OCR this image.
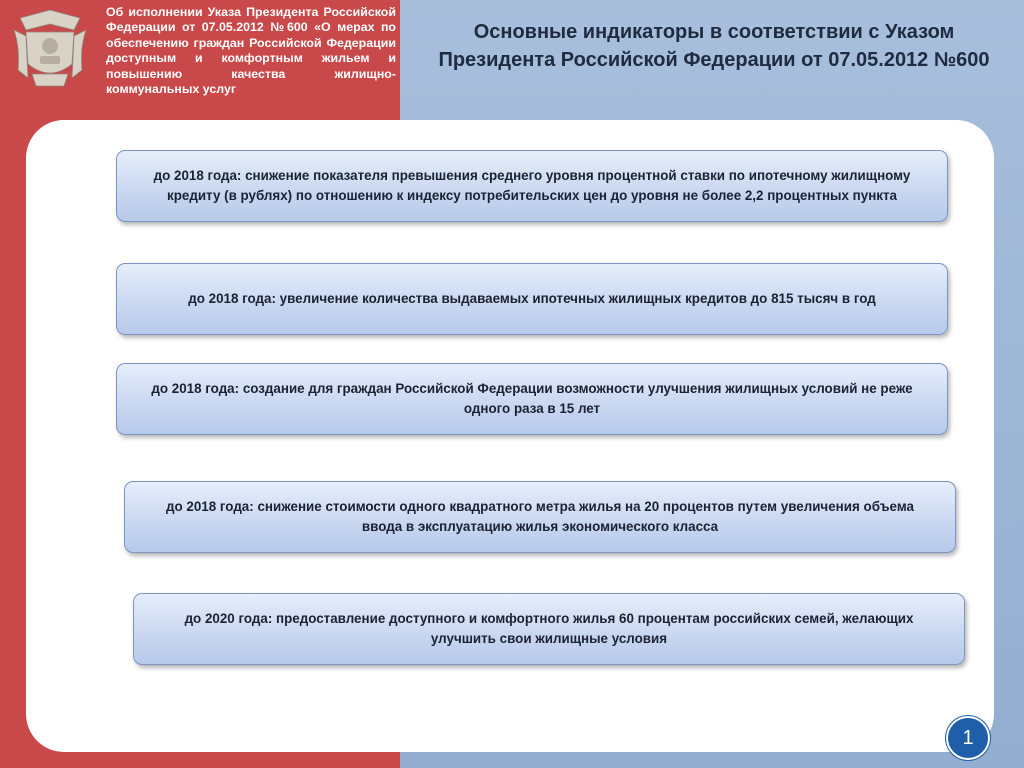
Об исполнении Указа Президента Российской Федерации от 07.05.2012 №600 «О мерах по обеспечению граждан Российской Федерации доступным и комфортным жильем и повышению качества жилищно-коммунальных услуг
Основные индикаторы в соответствии с Указом Президента Российской Федерации от 07.05.2012 №600
до 2018 года: снижение показателя превышения среднего уровня процентной ставки по ипотечному жилищному кредиту (в рублях) по отношению к индексу потребительских цен до уровня не более 2,2 процентных пункта
до 2018 года: увеличение количества выдаваемых ипотечных жилищных кредитов до 815 тысяч в год
до 2018 года: создание для граждан Российской Федерации возможности улучшения жилищных условий не реже одного раза в 15 лет
до 2018 года: снижение стоимости одного квадратного метра жилья на 20 процентов путем увеличения объема ввода в эксплуатацию жилья экономического класса
до 2020 года: предоставление доступного и комфортного жилья 60 процентам российских семей, желающих улучшить свои жилищные условия
1
